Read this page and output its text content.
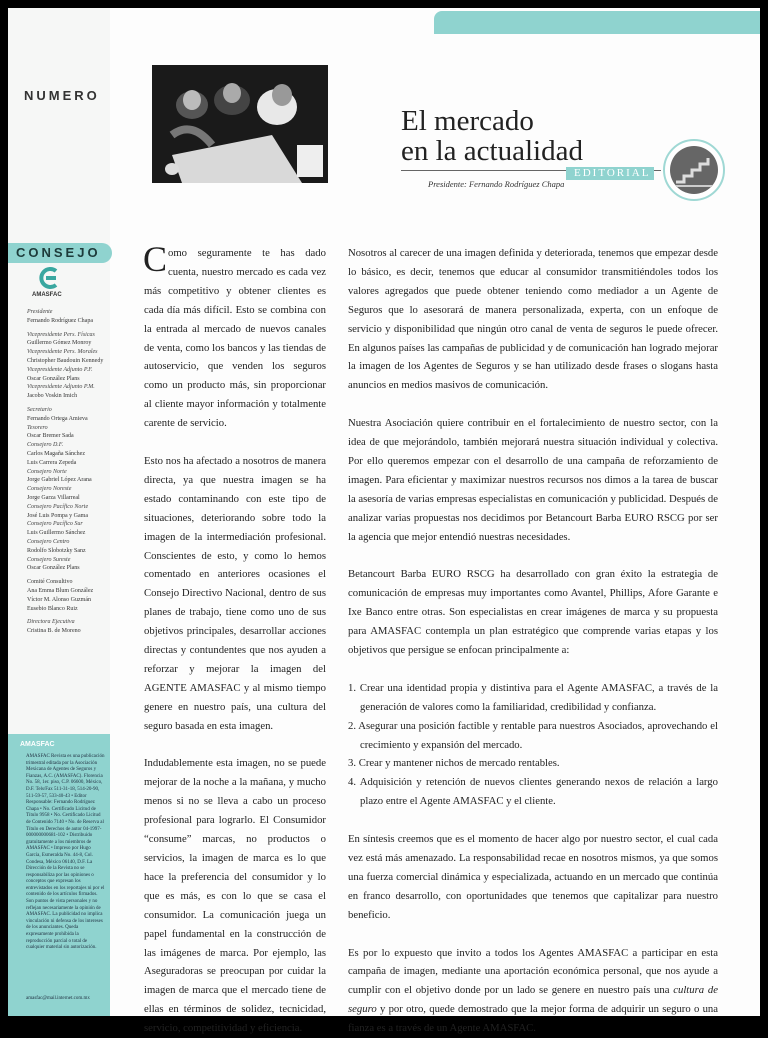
NUMERO
CONSEJO
AMASFAC
Presidente
Fernando Rodríguez Chapa
Vicepresidente Pers. Físicas
Guillermo Gómez Monroy
Vicepresidente Pers. Morales
Christopher Baudouin Kennedy
Vicepresidente Adjunto P.F.
Oscar González Plans
Vicepresidente Adjunto P.M.
Jacobo Voskin Imich
Secretario
Fernando Ortega Amieva
Tesorero
Oscar Bremer Sada
Consejero D.F.
Carlos Magaña Sánchez
Luis Carrera Zepeda
Consejero Norte
Jorge Gabriel López Arana
Consejero Noreste
Jorge Garza Villarreal
Consejero Pacífico Norte
José Luis Pompa y Gama
Consejero Pacífico Sur
Luis Guillermo Sánchez
Consejero Centro
Rodolfo Slobotzky Sanz
Consejero Sureste
Oscar González Plans
Comité Consultivo
Ana Emma Blum González
Víctor M. Alonso Guzmán
Eusebio Blanco Ruiz
Directora Ejecutiva
Cristina B. de Moreno
AMASFAC
AMASFAC Revista es una publicación trimestral editada por la Asociación Mexicana de Agentes de Seguros y Fianzas, A.C. (AMASFAC). Florencia No. 58, 1er. piso, C.P. 06600, México, D.F. Tels/Fax 511-31-18, 514-20-90, 511-59-57, 533-40-43 • Editor Responsable: Fernando Rodríguez Chapa • No. Certificado Licitud de Título 9958 • No. Certificado Licitud de Contenido 7140 • No. de Reserva al Título en Derechos de autor 04-1997-000000000681-102 • Distribuido gratuitamente a los miembros de AMASFAC • Impreso por Hugo García, Esmeralda No. 44-8, Col. Condesa, México 06140, D.F. La Dirección de la Revista no se responsabiliza por las opiniones o conceptos que expresan los entrevistados en los reportajes ni por el contenido de los artículos firmados. Son puntos de vista personales y no reflejan necesariamente la opinión de AMASFAC. La publicidad no implica vinculación ni defensa de los intereses de los anunciantes. Queda expresamente prohibida la reproducción parcial o total de cualquier material sin autorización.
amasfac@mail.internet.com.mx
El mercado
en la actualidad
EDITORIAL
Presidente: Fernando Rodríguez Chapa

Como seguramente te has dado cuenta, nuestro mercado es cada vez más competitivo y obtener clientes es cada día más difícil. Esto se combina con la entrada al mercado de nuevos canales de venta, como los bancos y las tiendas de autoservicio, que venden los seguros como un producto más, sin proporcionar al cliente mayor información y totalmente carente de servicio.

Esto nos ha afectado a nosotros de manera directa, ya que nuestra imagen se ha estado contaminando con este tipo de situaciones, deteriorando sobre todo la imagen de la intermediación profesional. Conscientes de esto, y como lo hemos comentado en anteriores ocasiones el Consejo Directivo Nacional, dentro de sus planes de trabajo, tiene como uno de sus objetivos principales, desarrollar acciones directas y contundentes que nos ayuden a reforzar y mejorar la imagen del AGENTE AMASFAC y al mismo tiempo genere en nuestro país, una cultura del seguro basada en esta imagen.

Indudablemente esta imagen, no se puede mejorar de la noche a la mañana, y mucho menos si no se lleva a cabo un proceso profesional para lograrlo. El Consumidor “consume” marcas, no productos o servicios, la imagen de marca es lo que hace la preferencia del consumidor y lo que es más, es con lo que se casa el consumidor. La comunicación juega un papel fundamental en la construcción de las imágenes de marca. Por ejemplo, las Aseguradoras se preocupan por cuidar la imagen de marca que el mercado tiene de ellas en términos de solidez, tecnicidad, servicio, competitividad y eficiencia.

Nosotros al carecer de una imagen definida y deteriorada, tenemos que empezar desde lo básico, es decir, tenemos que educar al consumidor transmitiéndoles todos los valores agregados que puede obtener teniendo como mediador a un Agente de Seguros que lo asesorará de manera personalizada, experta, con un enfoque de servicio y disponibilidad que ningún otro canal de venta de seguros le puede ofrecer. En algunos países las campañas de publicidad y de comunicación han logrado mejorar la imagen de los Agentes de Seguros y se han utilizado desde frases o slogans hasta anuncios en medios masivos de comunicación.

Nuestra Asociación quiere contribuir en el fortalecimiento de nuestro sector, con la idea de que mejorándolo, también mejorará nuestra situación individual y colectiva. Por ello queremos empezar con el desarrollo de una campaña de reforzamiento de imagen. Para eficientar y maximizar nuestros recursos nos dimos a la tarea de buscar la asesoría de varias empresas especialistas en comunicación y publicidad. Después de analizar varias propuestas nos decidimos por Betancourt Barba EURO RSCG por ser la agencia que mejor entendió nuestras necesidades.

Betancourt Barba EURO RSCG ha desarrollado con gran éxito la estrategia de comunicación de empresas muy importantes como Avantel, Phillips, Afore Garante e Ixe Banco entre otras. Son especialistas en crear imágenes de marca y su propuesta para AMASFAC contempla un plan estratégico que comprende varias etapas y los objetivos que persigue se enfocan principalmente a:

1. Crear una identidad propia y distintiva para el Agente AMASFAC, a través de la generación de valores como la familiaridad, credibilidad y confianza.
2. Asegurar una posición factible y rentable para nuestros Asociados, aprovechando el crecimiento y expansión del mercado.
3. Crear y mantener nichos de mercado rentables.
4. Adquisición y retención de nuevos clientes generando nexos de relación a largo plazo entre el Agente AMASFAC y el cliente.

En síntesis creemos que es el momento de hacer algo por nuestro sector, el cual cada vez está más amenazado. La responsabilidad recae en nosotros mismos, ya que somos una fuerza comercial dinámica y especializada, actuando en un mercado que continúa en franco desarrollo, con oportunidades que tenemos que capitalizar para nuestro beneficio.

Es por lo expuesto que invito a todos los Agentes AMASFAC a participar en esta campaña de imagen, mediante una aportación económica personal, que nos ayude a cumplir con el objetivo donde por un lado se genere en nuestro país una cultura de seguro y por otro, quede demostrado que la mejor forma de adquirir un seguro o una fianza es a través de un Agente AMASFAC.
